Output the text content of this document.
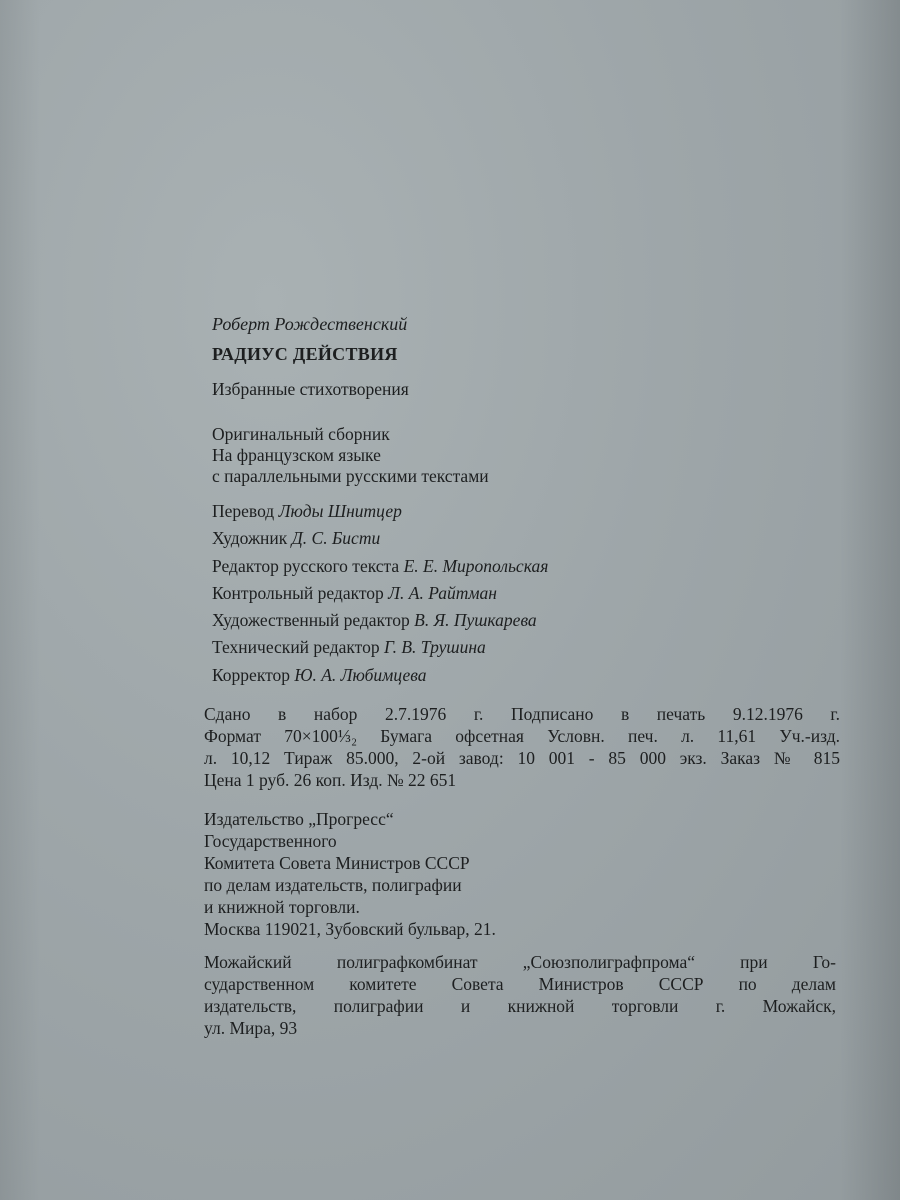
Роберт Рождественский
РАДИУС ДЕЙСТВИЯ
Избранные стихотворения
Оригинальный сборник
На французском языке
с параллельными русскими текстами
Перевод Люды Шнитцер
Художник Д. С. Бисти
Редактор русского текста Е. Е. Миропольская
Контрольный редактор Л. А. Райтман
Художественный редактор В. Я. Пушкарева
Технический редактор Г. В. Трушина
Корректор Ю. А. Любимцева
Сдано в набор 2.7.1976 г. Подписано в печать 9.12.1976 г.
Формат 70×100⅓₂ Бумага офсетная Условн. печ. л. 11,61 Уч.-изд.
л. 10,12 Тираж 85.000, 2-ой завод: 10 001 - 85 000 экз. Заказ № 815
Цена 1 руб. 26 коп. Изд. № 22 651
Издательство „Прогресс“
Государственного
Комитета Совета Министров СССР
по делам издательств, полиграфии
и книжной торговли.
Москва 119021, Зубовский бульвар, 21.
Можайский полиграфкомбинат „Союзполиграфпрома“ при Го-
сударственном комитете Совета Министров СССР по делам
издательств, полиграфии и книжной торговли г. Можайск,
ул. Мира, 93
